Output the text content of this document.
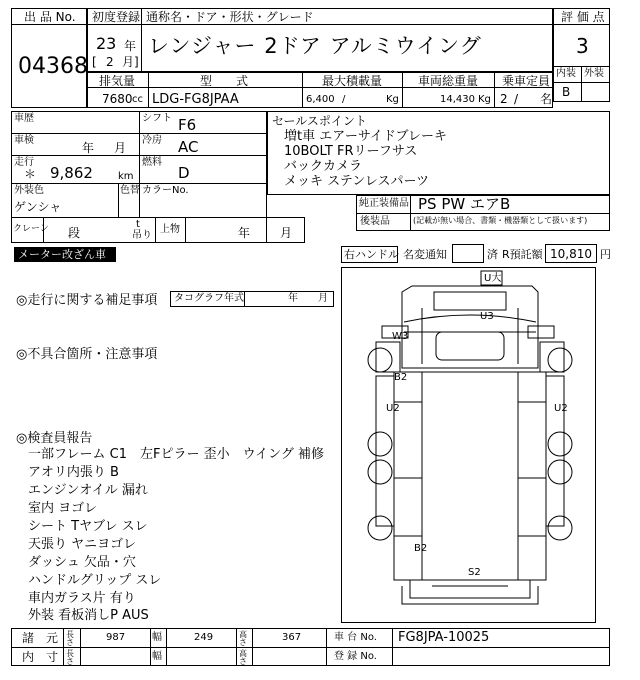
出 品 No.
04368
初度登録 通称名・ドア・形状・グレード
23 年
[ 2 月]
レンジャー 2ドア アルミウイング
評 価 点
3
内装 外装
B
排気量	型　　式	最大積載量	車両総重量 乗車定員
7680 cc LDG-FG8JPAA	6,400 /	Kg	14,430 Kg 2 / 名
車歴	シフト F6
車検
年 月
冷房 AC
走行
＊ 9,862	km
燃料
D
外装色
ゲンシャ
色替 カラーNo.
クレーン 段
t
吊り
上物	年 月
セールスポイント
増t車 エアーサイドブレーキ
10BOLT FRリーフサス
バックカメラ
メッキ ステンレスパーツ
純正装備品 PS PW エアB
後装品	(記載が無い場合、書類・機器類として扱います)
メーター改ざん車	右ハンドル 名変通知	済 R預託額 10,810 円
◎走行に関する補足事項 タコグラフ年式	年 月
◎不具合箇所・注意事項
◎検査員報告
一部フレーム C1　左Fピラー 歪小　ウイング 補修
アオリ内張り B
エンジンオイル 漏れ
室内 ヨゴレ
シート Tヤブレ スレ
天張り ヤニヨゴレ
ダッシュ 欠品・穴
ハンドルグリップ スレ
車内ガラス片 有り
外装 看板消しP AUS
U大
U3
W3
B2
U2	U2
B2
S2
諸　元 長さ	987	幅	249	高さ	367	車 台 No. FG8JPA-10025
内　寸 長さ	幅	高さ	登 録 No.
